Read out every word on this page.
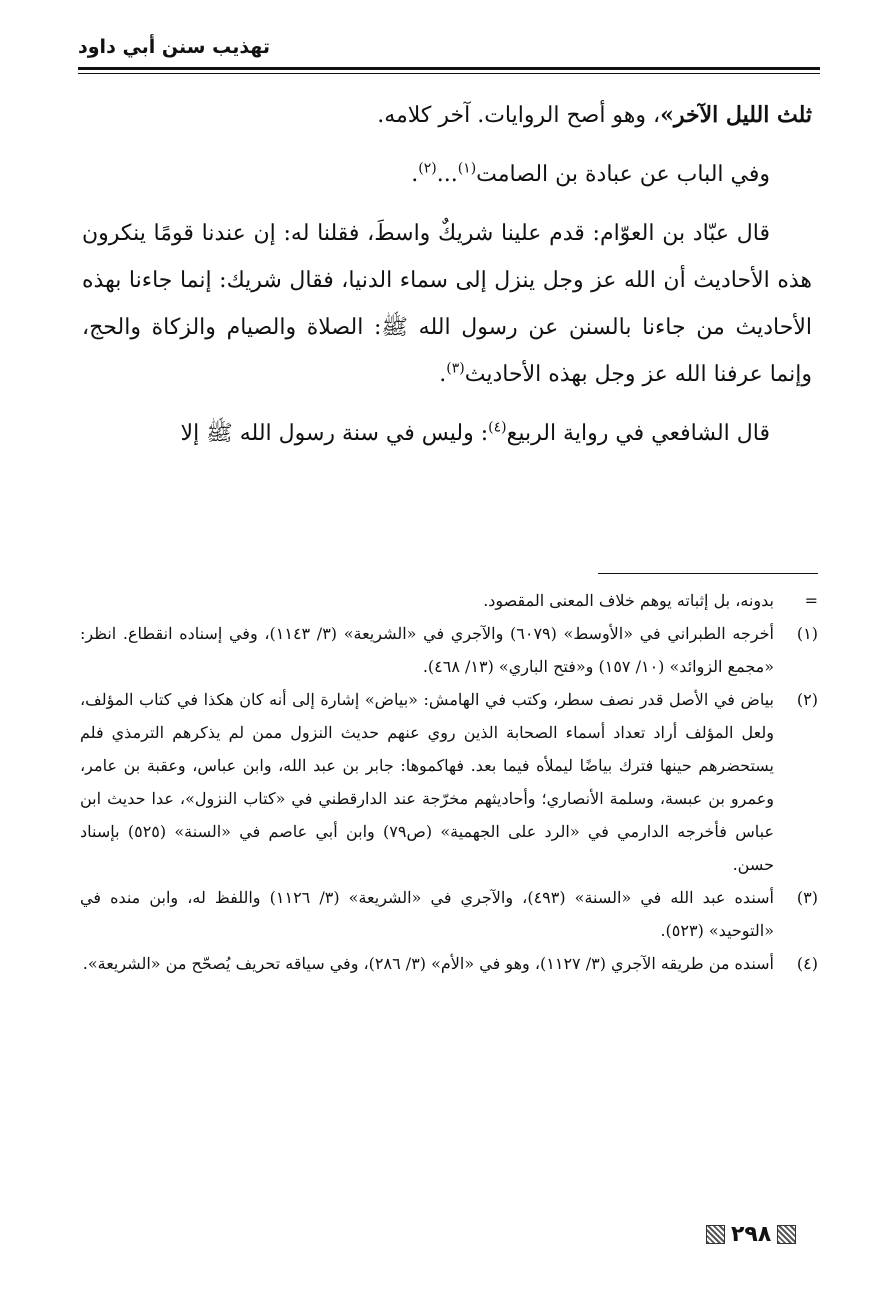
تهذيب سنن أبي داود

ثلث الليل الآخر»، وهو أصح الروايات. آخر كلامه.

وفي الباب عن عبادة بن الصامت$^{(١)}$...$^{(٢)}$.

قال عبّاد بن العوّام: قدم علينا شريكٌ واسطَ، فقلنا له: إن عندنا قومًا ينكرون هذه الأحاديث أن الله عز وجل ينزل إلى سماء الدنيا، فقال شريك: إنما جاءنا بهذه الأحاديث من جاءنا بالسنن عن رسول الله ﷺ: الصلاة والصيام والزكاة والحج، وإنما عرفنا الله عز وجل بهذه الأحاديث$^{(٣)}$.

قال الشافعي في رواية الربيع$^{(٤)}$: وليس في سنة رسول الله ﷺ إلا

=
بدونه، بل إثباته يوهم خلاف المعنى المقصود.
(١)
أخرجه الطبراني في «الأوسط» (٦٠٧٩) والآجري في «الشريعة» (٣/ ١١٤٣)، وفي إسناده انقطاع. انظر: «مجمع الزوائد» (١٠/ ١٥٧) و«فتح الباري» (١٣/ ٤٦٨).
(٢)
بياض في الأصل قدر نصف سطر، وكتب في الهامش: «بياض» إشارة إلى أنه كان هكذا في كتاب المؤلف، ولعل المؤلف أراد تعداد أسماء الصحابة الذين روي عنهم حديث النزول ممن لم يذكرهم الترمذي فلم يستحضرهم حينها فترك بياضًا ليملأه فيما بعد. فهاكموها: جابر بن عبد الله، وابن عباس، وعقبة بن عامر، وعمرو بن عبسة، وسلمة الأنصاري؛ وأحاديثهم مخرّجة عند الدارقطني في «كتاب النزول»، عدا حديث ابن عباس فأخرجه الدارمي في «الرد على الجهمية» (ص٧٩) وابن أبي عاصم في «السنة» (٥٢٥) بإسناد حسن.
(٣)
أسنده عبد الله في «السنة» (٤٩٣)، والآجري في «الشريعة» (٣/ ١١٢٦) واللفظ له، وابن منده في «التوحيد» (٥٢٣).
(٤)
أسنده من طريقه الآجري (٣/ ١١٢٧)، وهو في «الأم» (٣/ ٢٨٦)، وفي سياقه تحريف يُصحّح من «الشريعة».
٢٩٨
